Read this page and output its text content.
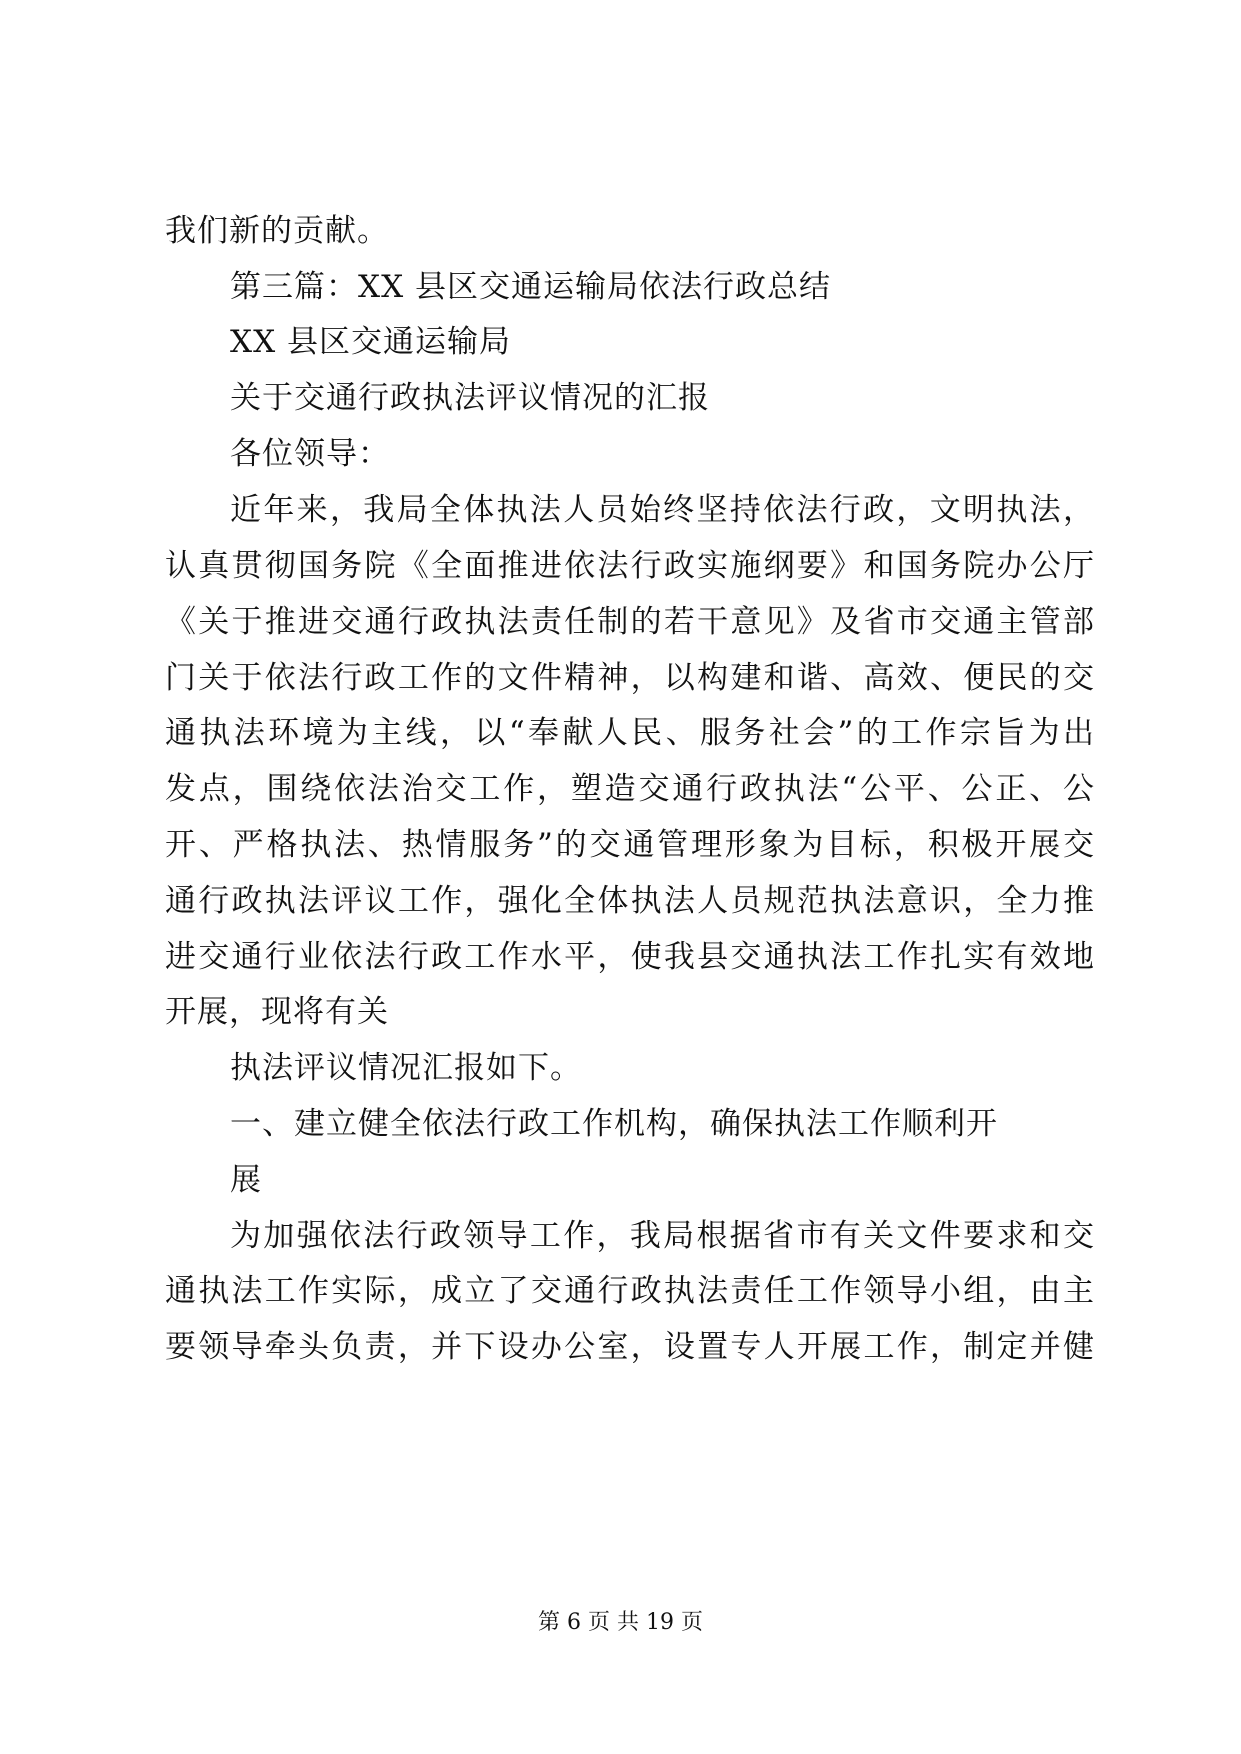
我们新的贡献。
第三篇：XX 县区交通运输局依法行政总结
XX 县区交通运输局
关于交通行政执法评议情况的汇报
各位领导：
近年来，我局全体执法人员始终坚持依法行政，文明执法，
认真贯彻国务院《全面推进依法行政实施纲要》和国务院办公厅
《关于推进交通行政执法责任制的若干意见》及省市交通主管部
门关于依法行政工作的文件精神，以构建和谐、高效、便民的交
通执法环境为主线，以“奉献人民、服务社会”的工作宗旨为出
发点，围绕依法治交工作，塑造交通行政执法“公平、公正、公
开、严格执法、热情服务”的交通管理形象为目标，积极开展交
通行政执法评议工作，强化全体执法人员规范执法意识，全力推
进交通行业依法行政工作水平，使我县交通执法工作扎实有效地
开展，现将有关
执法评议情况汇报如下。
一、建立健全依法行政工作机构，确保执法工作顺利开
展
为加强依法行政领导工作，我局根据省市有关文件要求和交
通执法工作实际，成立了交通行政执法责任工作领导小组，由主
要领导牵头负责，并下设办公室，设置专人开展工作，制定并健
第 6 页 共 19 页
